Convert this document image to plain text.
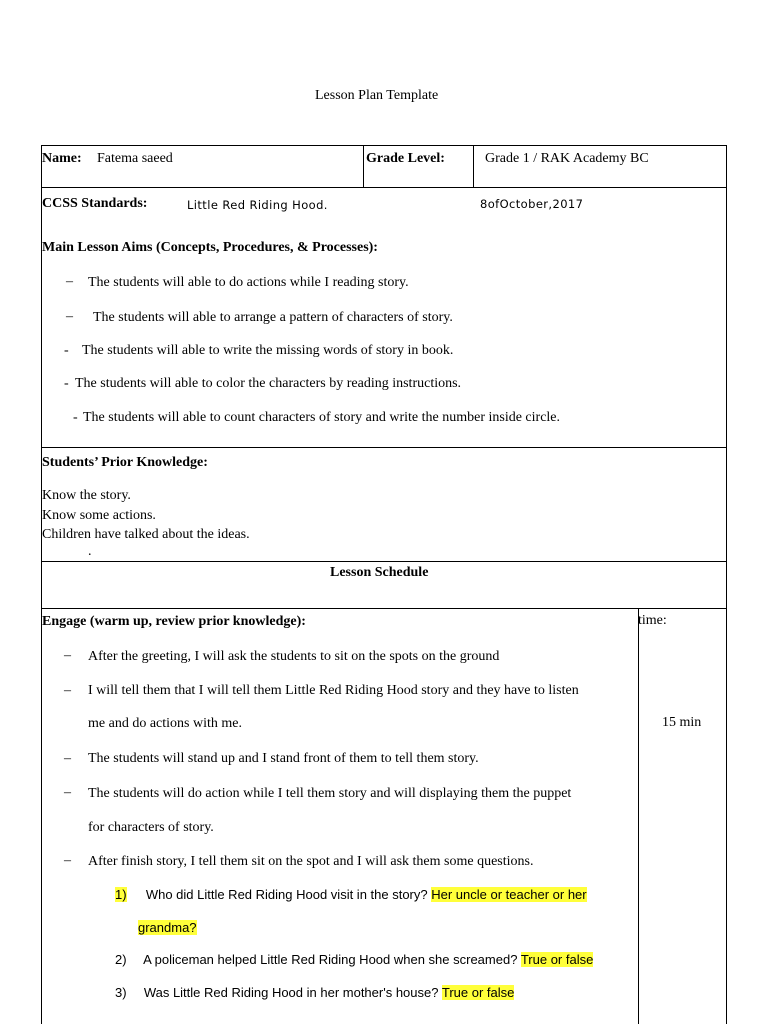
Lesson Plan Template
Name: Fatema saeed	Grade Level:	Grade 1 / RAK Academy BC
CCSS Standards:	Little Red Riding Hood.	8ofOctober,2017
Main Lesson Aims (Concepts, Procedures, & Processes):
– The students will able to do actions while I reading story.
– The students will able to arrange a pattern of characters of story.
- The students will able to write the missing words of story in book.
- The students will able to color the characters by reading instructions.
- The students will able to count characters of story and write the number inside circle.
Students’ Prior Knowledge:
Know the story.
Know some actions.
Children have talked about the ideas.
.
Lesson Schedule
Engage (warm up, review prior knowledge):	time:
15 min
– After the greeting, I will ask the students to sit on the spots on the ground
– I will tell them that I will tell them Little Red Riding Hood story and they have to listen
me and do actions with me.
– The students will stand up and I stand front of them to tell them story.
– The students will do action while I tell them story and will displaying them the puppet
for characters of story.
– After finish story, I tell them sit on the spot and I will ask them some questions.
1) Who did Little Red Riding Hood visit in the story? Her uncle or teacher or her
grandma?
2) A policeman helped Little Red Riding Hood when she screamed? True or false
3) Was Little Red Riding Hood in her mother's house? True or false
